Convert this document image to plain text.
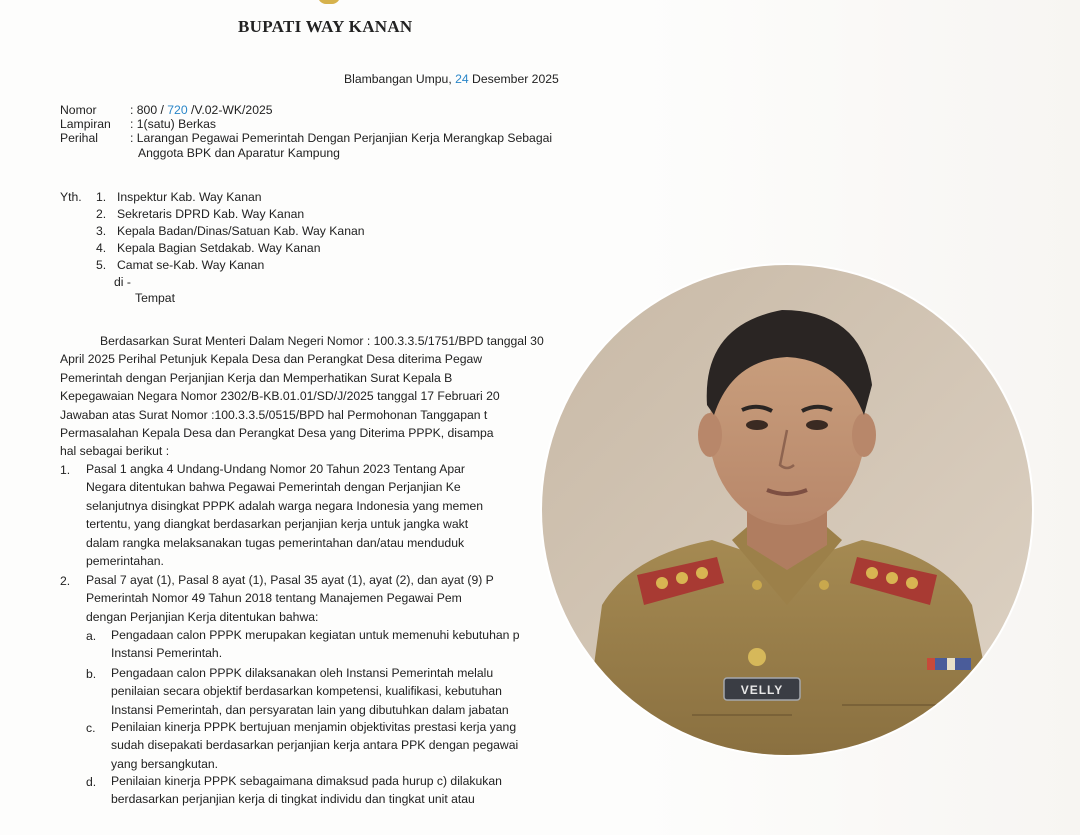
BUPATI WAY KANAN
Blambangan Umpu, 24 Desember 2025
Nomor	: 800 / 720 /V.02-WK/2025
Lampiran : 1(satu) Berkas
Perihal	: Larangan Pegawai Pemerintah Dengan Perjanjian Kerja Merangkap Sebagai
Anggota BPK dan Aparatur Kampung
Yth. 1. Inspektur Kab. Way Kanan
2. Sekretaris DPRD Kab. Way Kanan
3. Kepala Badan/Dinas/Satuan Kab. Way Kanan
4. Kepala Bagian Setdakab. Way Kanan
5. Camat se-Kab. Way Kanan
di -
Tempat
Berdasarkan Surat Menteri Dalam Negeri Nomor : 100.3.3.5/1751/BPD tanggal 30
April 2025 Perihal Petunjuk Kepala Desa dan Perangkat Desa diterima Pegaw
Pemerintah dengan Perjanjian Kerja dan Memperhatikan Surat Kepala B
Kepegawaian Negara Nomor 2302/B-KB.01.01/SD/J/2025 tanggal 17 Februari 20
Jawaban atas Surat Nomor :100.3.3.5/0515/BPD hal Permohonan Tanggapan t
Permasalahan Kepala Desa dan Perangkat Desa yang Diterima PPPK, disampa
hal sebagai berikut :
1. Pasal 1 angka 4 Undang-Undang Nomor 20 Tahun 2023 Tentang Apar
Negara ditentukan bahwa Pegawai Pemerintah dengan Perjanjian Ke
selanjutnya disingkat PPPK adalah warga negara Indonesia yang memen
tertentu, yang diangkat berdasarkan perjanjian kerja untuk jangka wakt
dalam rangka melaksanakan tugas pemerintahan dan/atau menduduk
pemerintahan.
2. Pasal 7 ayat (1), Pasal 8 ayat (1), Pasal 35 ayat (1), ayat (2), dan ayat (9) P
Pemerintah Nomor 49 Tahun 2018 tentang Manajemen Pegawai Pem
dengan Perjanjian Kerja ditentukan bahwa:
a. Pengadaan calon PPPK merupakan kegiatan untuk memenuhi kebutuhan p
Instansi Pemerintah.
b. Pengadaan calon PPPK dilaksanakan oleh Instansi Pemerintah melalu
penilaian secara objektif berdasarkan kompetensi, kualifikasi, kebutuhan
Instansi Pemerintah, dan persyaratan lain yang dibutuhkan dalam jabatan
c. Penilaian kinerja PPPK bertujuan menjamin objektivitas prestasi kerja yang
sudah disepakati berdasarkan perjanjian kerja antara PPK dengan pegawai
yang bersangkutan.
d. Penilaian kinerja PPPK sebagaimana dimaksud pada hurup c) dilakukan
berdasarkan perjanjian kerja di tingkat individu dan tingkat unit atau
VELLY
